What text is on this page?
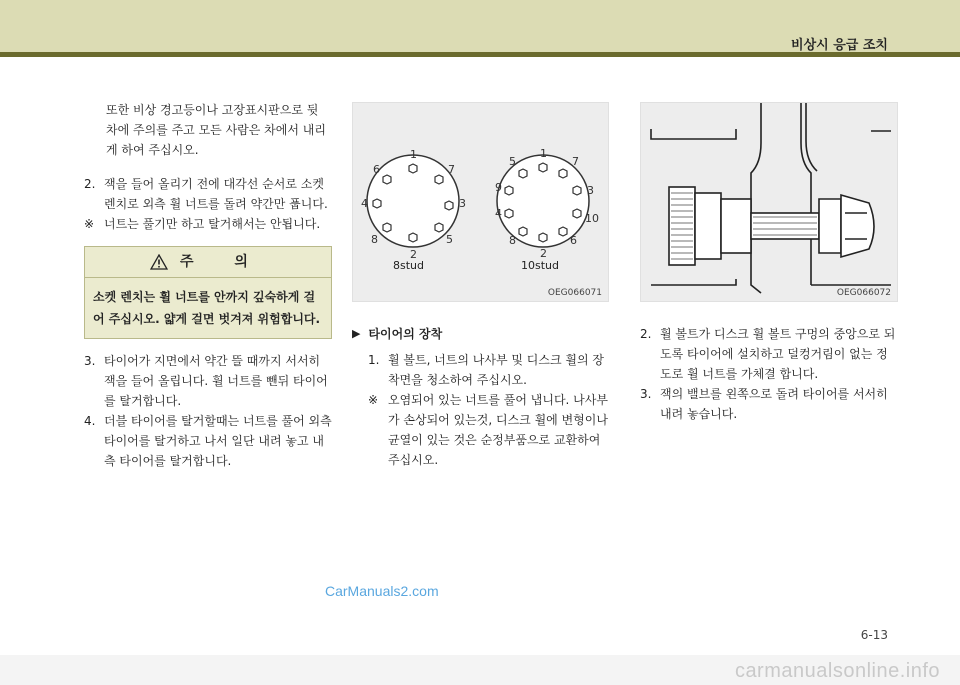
비상시 응급 조치
또한 비상 경고등이나 고장표시판으로 뒷
차에 주의를 주고 모든 사람은 차에서 내리
게 하여 주십시오.
2. 잭을 들어 올리기 전에 대각선 순서로 소켓 렌치로 외측 휠 너트를 돌려 약간만 풉니다.
※ 너트는 풀기만 하고 탈거해서는 안됩니다.
주 의
소켓 렌치는 휠 너트를 안까지 깊숙하게 걸어 주십시오. 얇게 걸면 벗겨져 위험합니다.
3. 타이어가 지면에서 약간 뜰 때까지 서서히 잭을 들어 올립니다. 휠 너트를 뺀뒤 타이어를 탈거합니다.
4. 더블 타이어를 탈거할때는 너트를 풀어 외측 타이어를 탈거하고 나서 일단 내려 놓고 내측 타이어를 탈거합니다.
1
7
3
5
2
8
4
6
8stud
1
7
3
10
6
2
8
4
9
5
10stud
OEG066071	OEG066072
▶ 타이어의 장착
1. 휠 볼트, 너트의 나사부 및 디스크 휠의 장착면을 청소하여 주십시오.
※ 오염되어 있는 너트를 풀어 냅니다. 나사부가 손상되어 있는것, 디스크 휠에 변형이나 균열이 있는 것은 순정부품으로 교환하여 주십시오.
2. 휠 볼트가 디스크 휠 볼트 구멍의 중앙으로 되도록 타이어에 설치하고 덜컹거림이 없는 정도로 휠 너트를 가체결 합니다.
3. 잭의 밸브를 왼쪽으로 돌려 타이어를 서서히 내려 놓습니다.
CarManuals2.com
6-13
carmanualsonline.info
